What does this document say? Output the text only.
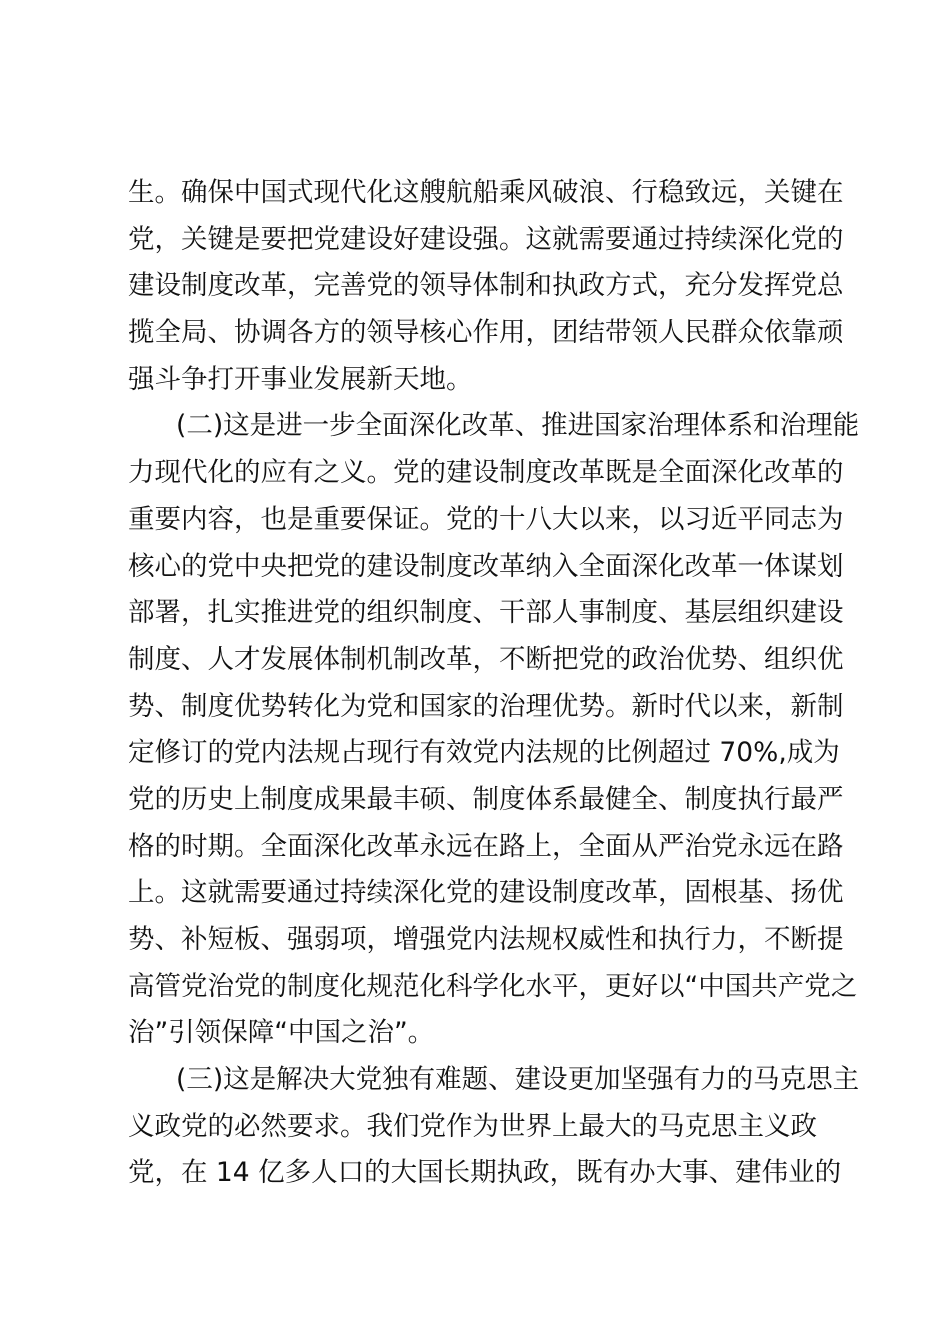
生。确保中国式现代化这艘航船乘风破浪、行稳致远，关键在
党，关键是要把党建设好建设强。这就需要通过持续深化党的
建设制度改革，完善党的领导体制和执政方式，充分发挥党总
揽全局、协调各方的领导核心作用，团结带领人民群众依靠顽
强斗争打开事业发展新天地。
(二)这是进一步全面深化改革、推进国家治理体系和治理能
力现代化的应有之义。党的建设制度改革既是全面深化改革的
重要内容，也是重要保证。党的十八大以来，以习近平同志为
核心的党中央把党的建设制度改革纳入全面深化改革一体谋划
部署，扎实推进党的组织制度、干部人事制度、基层组织建设
制度、人才发展体制机制改革，不断把党的政治优势、组织优
势、制度优势转化为党和国家的治理优势。新时代以来，新制
定修订的党内法规占现行有效党内法规的比例超过 70%,成为
党的历史上制度成果最丰硕、制度体系最健全、制度执行最严
格的时期。全面深化改革永远在路上，全面从严治党永远在路
上。这就需要通过持续深化党的建设制度改革，固根基、扬优
势、补短板、强弱项，增强党内法规权威性和执行力，不断提
高管党治党的制度化规范化科学化水平，更好以“中国共产党之
治”引领保障“中国之治”。
(三)这是解决大党独有难题、建设更加坚强有力的马克思主
义政党的必然要求。我们党作为世界上最大的马克思主义政
党，在 14 亿多人口的大国长期执政，既有办大事、建伟业的
